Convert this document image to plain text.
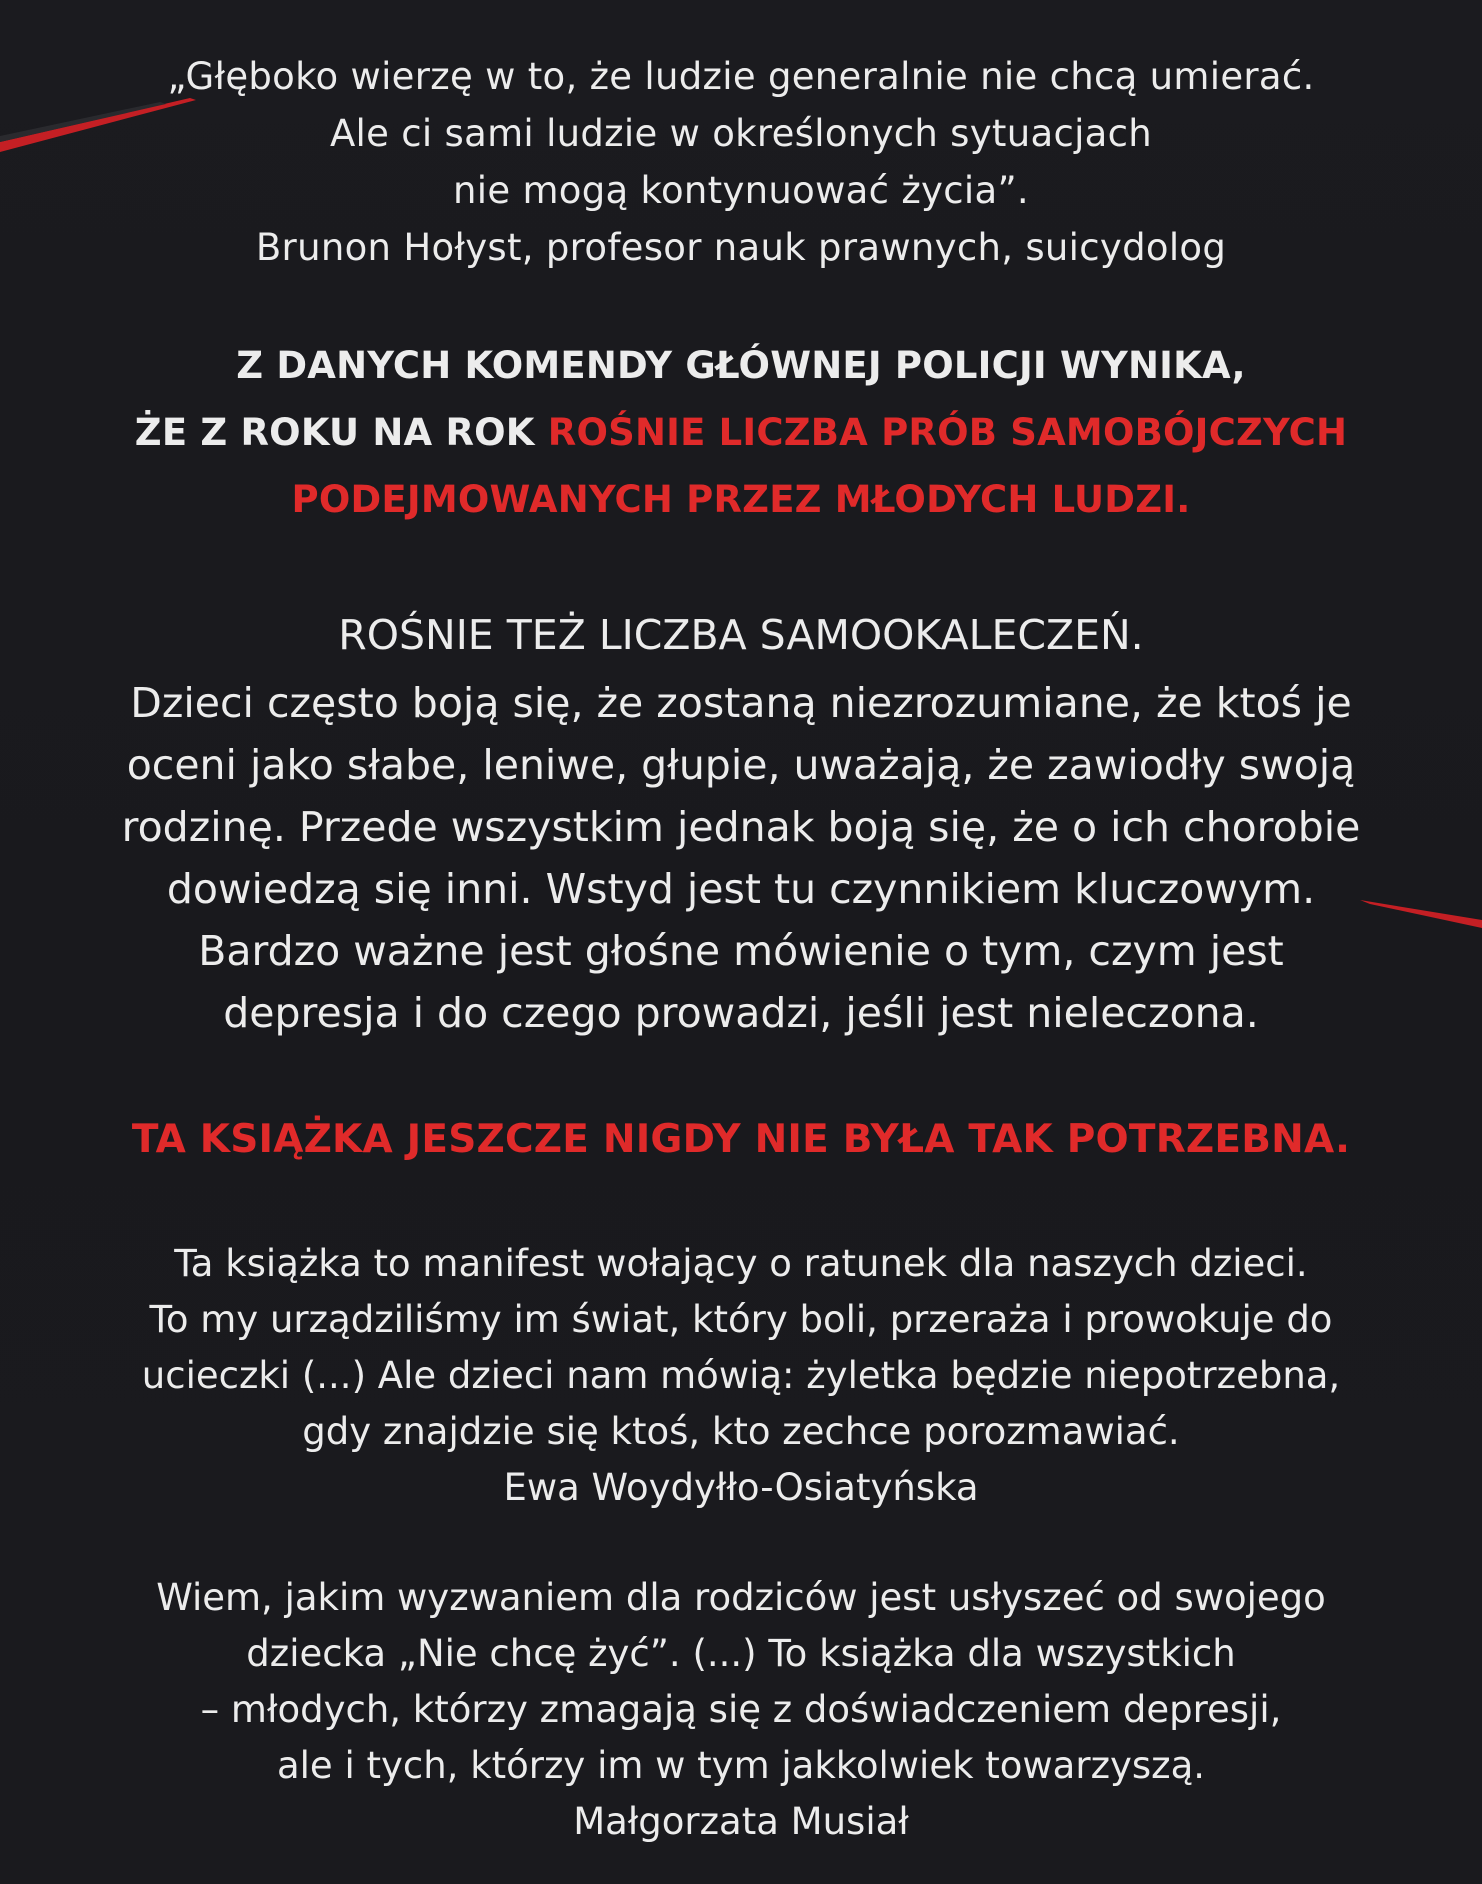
„Głęboko wierzę w to, że ludzie generalnie nie chcą umierać.
Ale ci sami ludzie w określonych sytuacjach
nie mogą kontynuować życia”.
Brunon Hołyst, profesor nauk prawnych, suicydolog
Z DANYCH KOMENDY GŁÓWNEJ POLICJI WYNIKA,
ŻE Z ROKU NA ROK ROŚNIE LICZBA PRÓB SAMOBÓJCZYCH
PODEJMOWANYCH PRZEZ MŁODYCH LUDZI.
ROŚNIE TEŻ LICZBA SAMOOKALECZEŃ.
Dzieci często boją się, że zostaną niezrozumiane, że ktoś je
oceni jako słabe, leniwe, głupie, uważają, że zawiodły swoją
rodzinę. Przede wszystkim jednak boją się, że o ich chorobie
dowiedzą się inni. Wstyd jest tu czynnikiem kluczowym.
Bardzo ważne jest głośne mówienie o tym, czym jest
depresja i do czego prowadzi, jeśli jest nieleczona.
TA KSIĄŻKA JESZCZE NIGDY NIE BYŁA TAK POTRZEBNA.
Ta książka to manifest wołający o ratunek dla naszych dzieci.
To my urządziliśmy im świat, który boli, przeraża i prowokuje do
ucieczki (...) Ale dzieci nam mówią: żyletka będzie niepotrzebna,
gdy znajdzie się ktoś, kto zechce porozmawiać.
Ewa Woydyłło-Osiatyńska
Wiem, jakim wyzwaniem dla rodziców jest usłyszeć od swojego
dziecka „Nie chcę żyć”. (...) To książka dla wszystkich
– młodych, którzy zmagają się z doświadczeniem depresji,
ale i tych, którzy im w tym jakkolwiek towarzyszą.
Małgorzata Musiał
